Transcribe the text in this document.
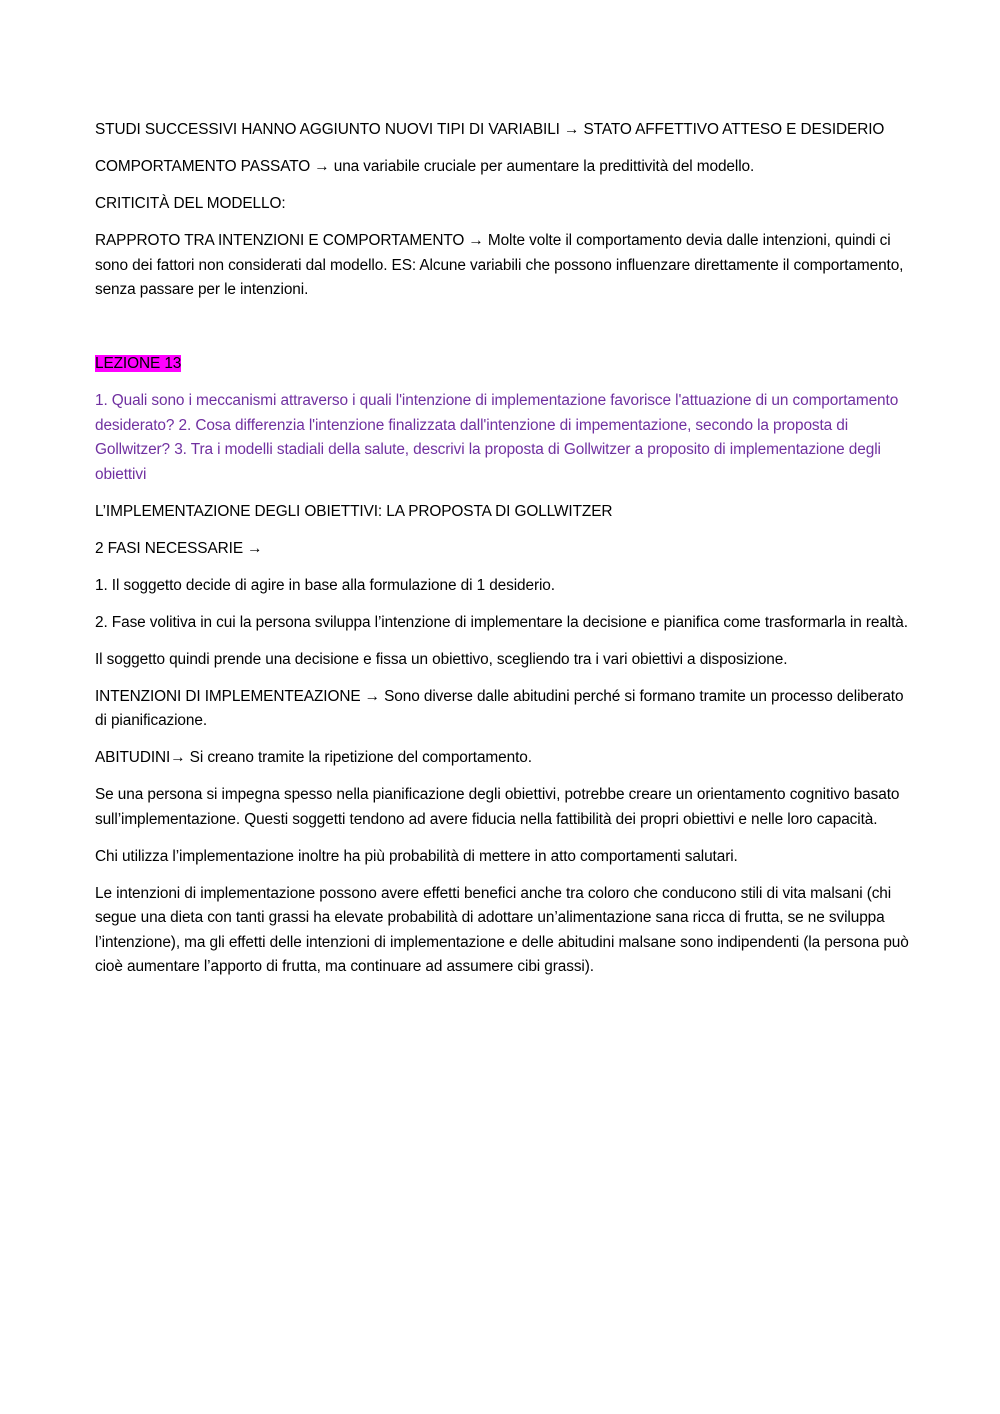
STUDI SUCCESSIVI HANNO AGGIUNTO NUOVI TIPI DI VARIABILI → STATO AFFETTIVO ATTESO E DESIDERIO

COMPORTAMENTO PASSATO → una variabile cruciale per aumentare la predittività del modello.

CRITICITÀ DEL MODELLO:

RAPPROTO TRA INTENZIONI E COMPORTAMENTO → Molte volte il comportamento devia dalle intenzioni, quindi ci sono dei fattori non considerati dal modello. ES: Alcune variabili che possono influenzare direttamente il comportamento, senza passare per le intenzioni.

LEZIONE 13

1. Quali sono i meccanismi attraverso i quali l'intenzione di implementazione favorisce l'attuazione di un comportamento desiderato? 2. Cosa differenzia l'intenzione finalizzata dall'intenzione di impementazione, secondo la proposta di Gollwitzer? 3. Tra i modelli stadiali della salute, descrivi la proposta di Gollwitzer a proposito di implementazione degli obiettivi

L’IMPLEMENTAZIONE DEGLI OBIETTIVI: LA PROPOSTA DI GOLLWITZER

2 FASI NECESSARIE →

1. Il soggetto decide di agire in base alla formulazione di 1 desiderio.

2. Fase volitiva in cui la persona sviluppa l’intenzione di implementare la decisione e pianifica come trasformarla in realtà.

Il soggetto quindi prende una decisione e fissa un obiettivo, scegliendo tra i vari obiettivi a disposizione.

INTENZIONI DI IMPLEMENTEAZIONE → Sono diverse dalle abitudini perché si formano tramite un processo deliberato di pianificazione.

ABITUDINI→ Si creano tramite la ripetizione del comportamento.

Se una persona si impegna spesso nella pianificazione degli obiettivi, potrebbe creare un orientamento cognitivo basato sull’implementazione. Questi soggetti tendono ad avere fiducia nella fattibilità dei propri obiettivi e nelle loro capacità.

Chi utilizza l’implementazione inoltre ha più probabilità di mettere in atto comportamenti salutari.

Le intenzioni di implementazione possono avere effetti benefici anche tra coloro che conducono stili di vita malsani (chi segue una dieta con tanti grassi ha elevate probabilità di adottare un’alimentazione sana ricca di frutta, se ne sviluppa l’intenzione), ma gli effetti delle intenzioni di implementazione e delle abitudini malsane sono indipendenti (la persona può cioè aumentare l’apporto di frutta, ma continuare ad assumere cibi grassi).
